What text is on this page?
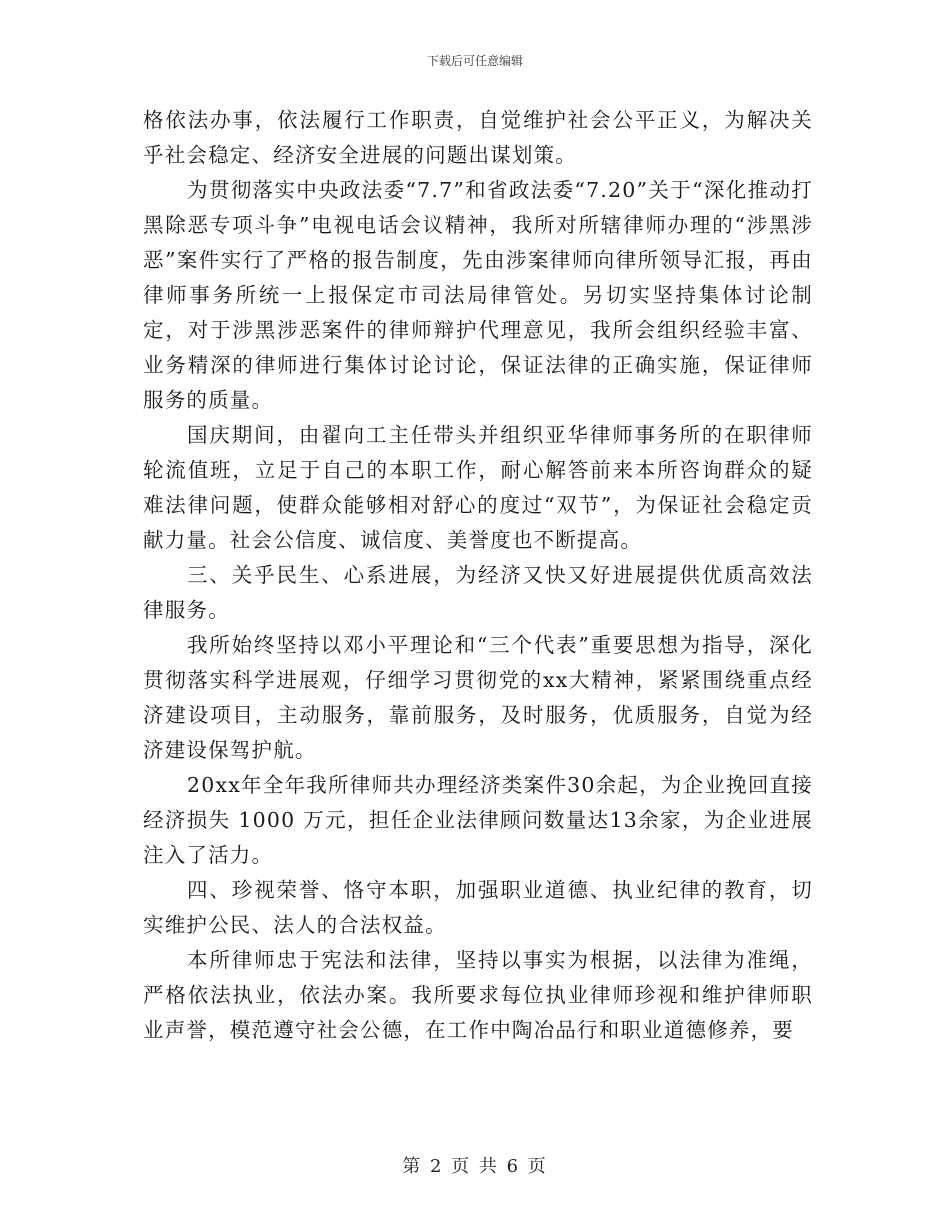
下载后可任意编辑

格依法办事，依法履行工作职责，自觉维护社会公平正义，为解决关乎社会稳定、经济安全进展的问题出谋划策。

为贯彻落实中央政法委“7.7”和省政法委“7.20”关于“深化推动打黑除恶专项斗争”电视电话会议精神，我所对所辖律师办理的“涉黑涉恶”案件实行了严格的报告制度，先由涉案律师向律所领导汇报，再由律师事务所统一上报保定市司法局律管处。另切实坚持集体讨论制定，对于涉黑涉恶案件的律师辩护代理意见，我所会组织经验丰富、业务精深的律师进行集体讨论讨论，保证法律的正确实施，保证律师服务的质量。

国庆期间，由翟向工主任带头并组织亚华律师事务所的在职律师轮流值班，立足于自己的本职工作，耐心解答前来本所咨询群众的疑难法律问题，使群众能够相对舒心的度过“双节”，为保证社会稳定贡献力量。社会公信度、诚信度、美誉度也不断提高。

三、关乎民生、心系进展，为经济又快又好进展提供优质高效法律服务。

我所始终坚持以邓小平理论和“三个代表”重要思想为指导，深化贯彻落实科学进展观，仔细学习贯彻党的xx大精神，紧紧围绕重点经济建设项目，主动服务，靠前服务，及时服务，优质服务，自觉为经济建设保驾护航。

20xx年全年我所律师共办理经济类案件30余起，为企业挽回直接经济损失 1000 万元，担任企业法律顾问数量达13余家，为企业进展注入了活力。

四、珍视荣誉、恪守本职，加强职业道德、执业纪律的教育，切实维护公民、法人的合法权益。

本所律师忠于宪法和法律，坚持以事实为根据，以法律为准绳，严格依法执业，依法办案。我所要求每位执业律师珍视和维护律师职业声誉，模范遵守社会公德，在工作中陶冶品行和职业道德修养，要

第 2 页 共 6 页
